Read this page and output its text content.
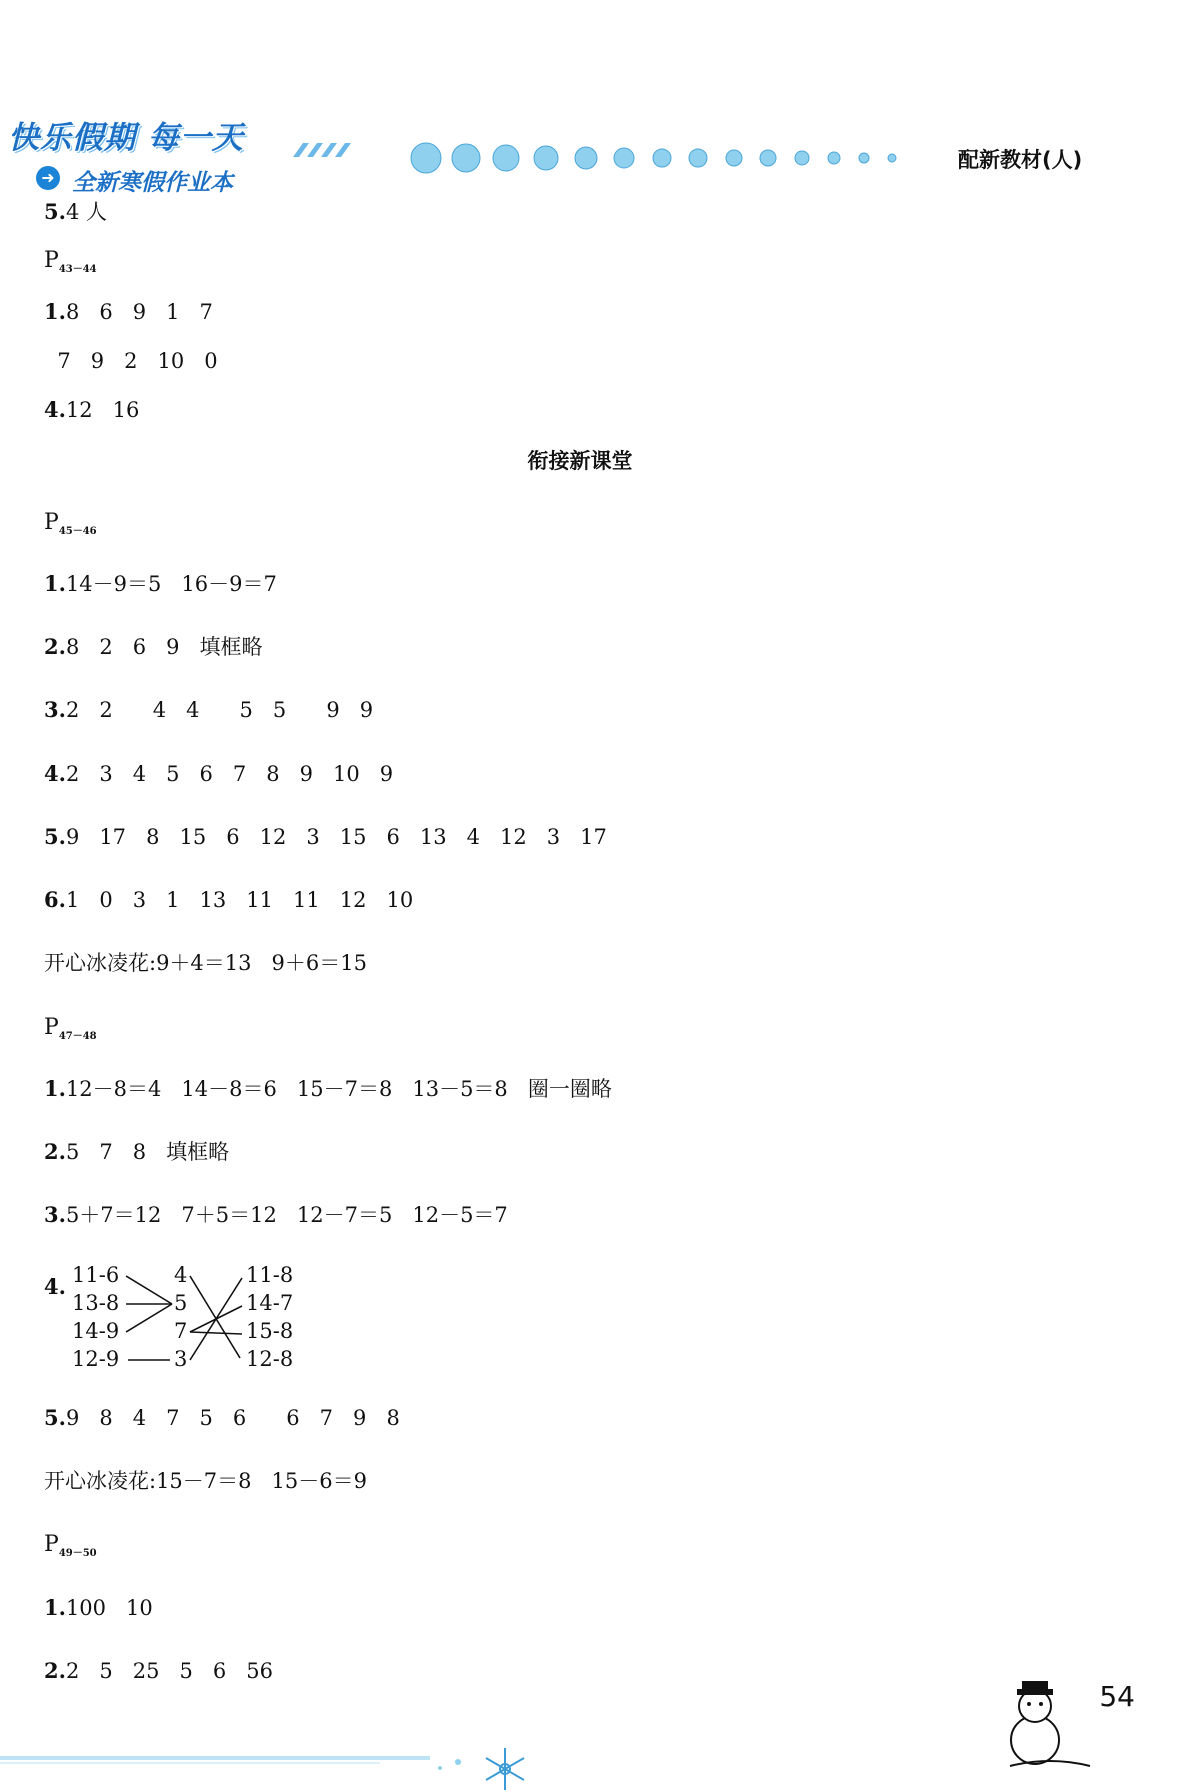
快乐假期 每一天
➜ 全新寒假作业本
配新教材(人)
5.4 人
$P_{43-44}$
1.8   6   9   1   7
7   9   2   10   0
4.12   16
衔接新课堂
$P_{45-46}$
1.14－9＝5   16－9＝7
2.8   2   6   9   填框略
3.2   2      4   4      5   5      9   9
4.2   3   4   5   6   7   8   9   10   9
5.9   17   8   15   6   12   3   15   6   13   4   12   3   17
6.1   0   3   1   13   11   11   12   10
开心冰凌花:9＋4＝13   9＋6＝15
$P_{47-48}$
1.12－8＝4   14－8＝6   15－7＝8   13－5＝8   圈一圈略
2.5   7   8   填框略
3.5＋7＝12   7＋5＝12   12－7＝5   12－5＝7
4. 11-6
13-8
14-9
12-9
4
5
7
3
11-8
14-7
15-8
12-8
5.9   8   4   7   5   6      6   7   9   8
开心冰凌花:15－7＝8   15－6＝9
$P_{49-50}$
1.100   10
2.2   5   25   5   6   56
54
